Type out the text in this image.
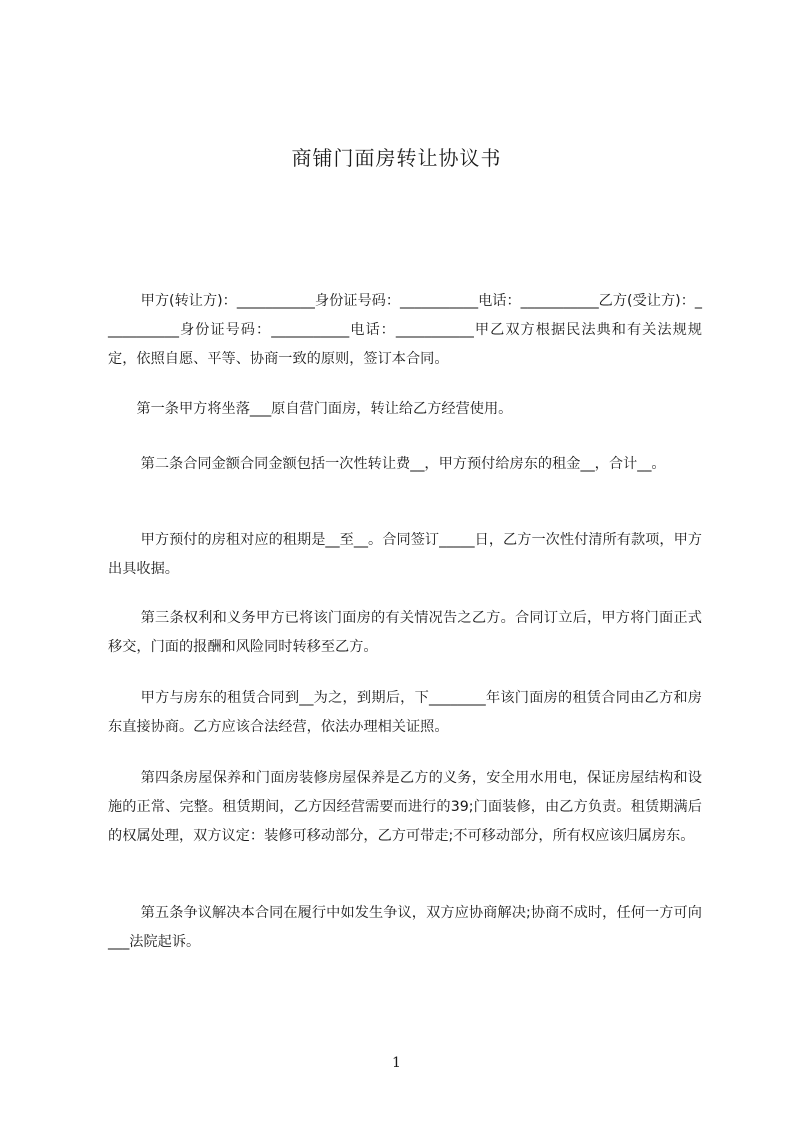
商铺门面房转让协议书

甲方(转让方)：___________身份证号码：___________电话：___________乙方(受让方)：___________身份证号码：___________电话：___________甲乙双方根据民法典和有关法规规定，依照自愿、平等、协商一致的原则，签订本合同。

第一条甲方将坐落___原自营门面房，转让给乙方经营使用。

第二条合同金额合同金额包括一次性转让费__，甲方预付给房东的租金__，合计__。

甲方预付的房租对应的租期是__至__。合同签订_____日，乙方一次性付清所有款项，甲方出具收据。

第三条权利和义务甲方已将该门面房的有关情况告之乙方。合同订立后，甲方将门面正式移交，门面的报酬和风险同时转移至乙方。

甲方与房东的租赁合同到__为之，到期后，下________年该门面房的租赁合同由乙方和房东直接协商。乙方应该合法经营，依法办理相关证照。

第四条房屋保养和门面房装修房屋保养是乙方的义务，安全用水用电，保证房屋结构和设施的正常、完整。租赁期间，乙方因经营需要而进行的39;门面装修，由乙方负责。租赁期满后的权属处理，双方议定：装修可移动部分，乙方可带走;不可移动部分，所有权应该归属房东。

第五条争议解决本合同在履行中如发生争议，双方应协商解决;协商不成时，任何一方可向___法院起诉。

1
